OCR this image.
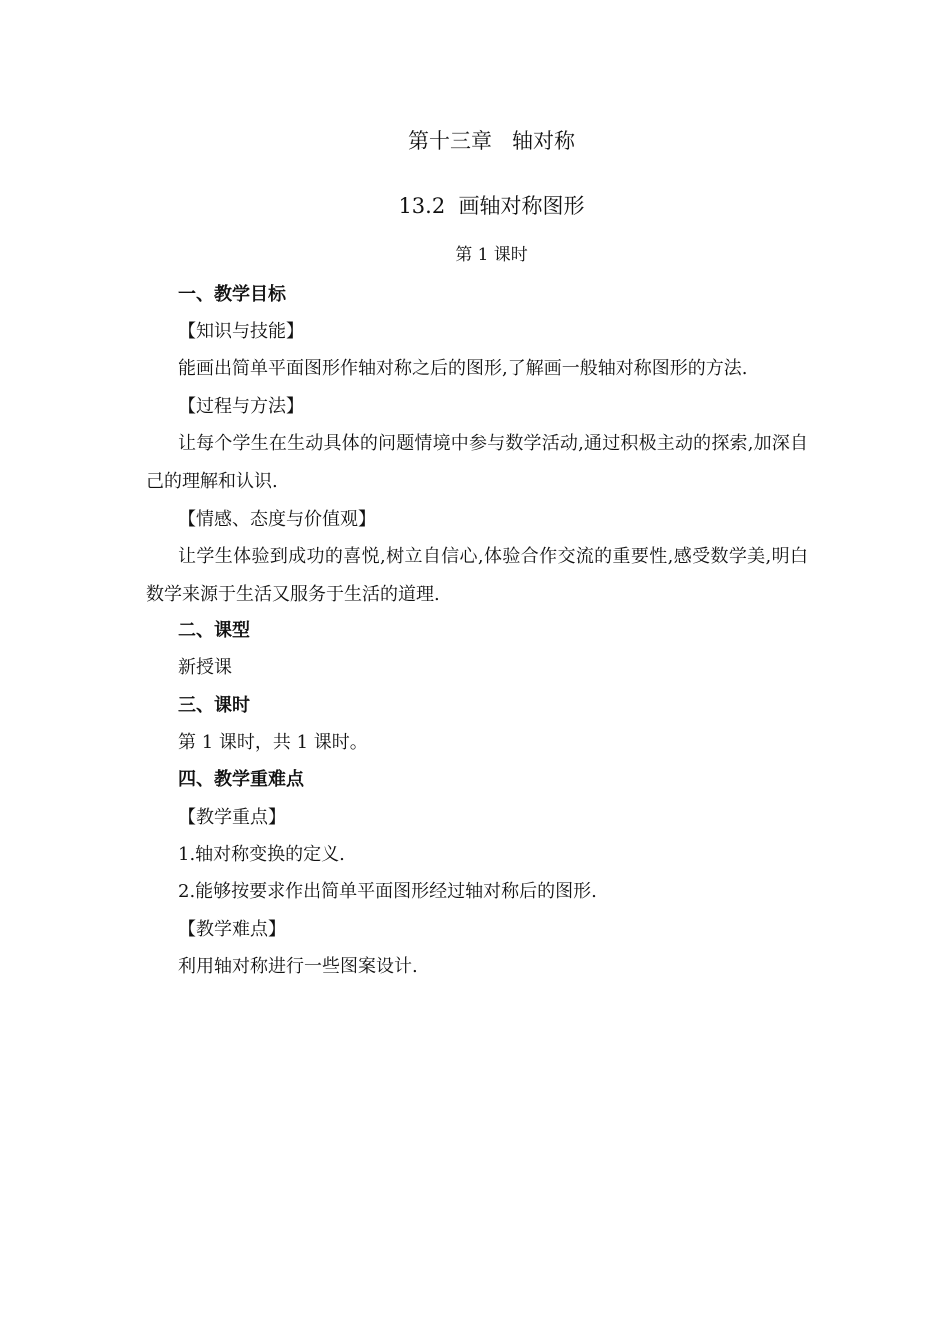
第十三章   轴对称
13.2  画轴对称图形
第 1 课时
一、教学目标
【知识与技能】
能画出简单平面图形作轴对称之后的图形,了解画一般轴对称图形的方法.
【过程与方法】
让每个学生在生动具体的问题情境中参与数学活动,通过积极主动的探索,加深自己的理解和认识.
【情感、态度与价值观】
让学生体验到成功的喜悦,树立自信心,体验合作交流的重要性,感受数学美,明白数学来源于生活又服务于生活的道理.
二、课型
新授课
三、课时
第 1 课时，共 1 课时。
四、教学重难点
【教学重点】
1.轴对称变换的定义.
2.能够按要求作出简单平面图形经过轴对称后的图形.
【教学难点】
利用轴对称进行一些图案设计.
